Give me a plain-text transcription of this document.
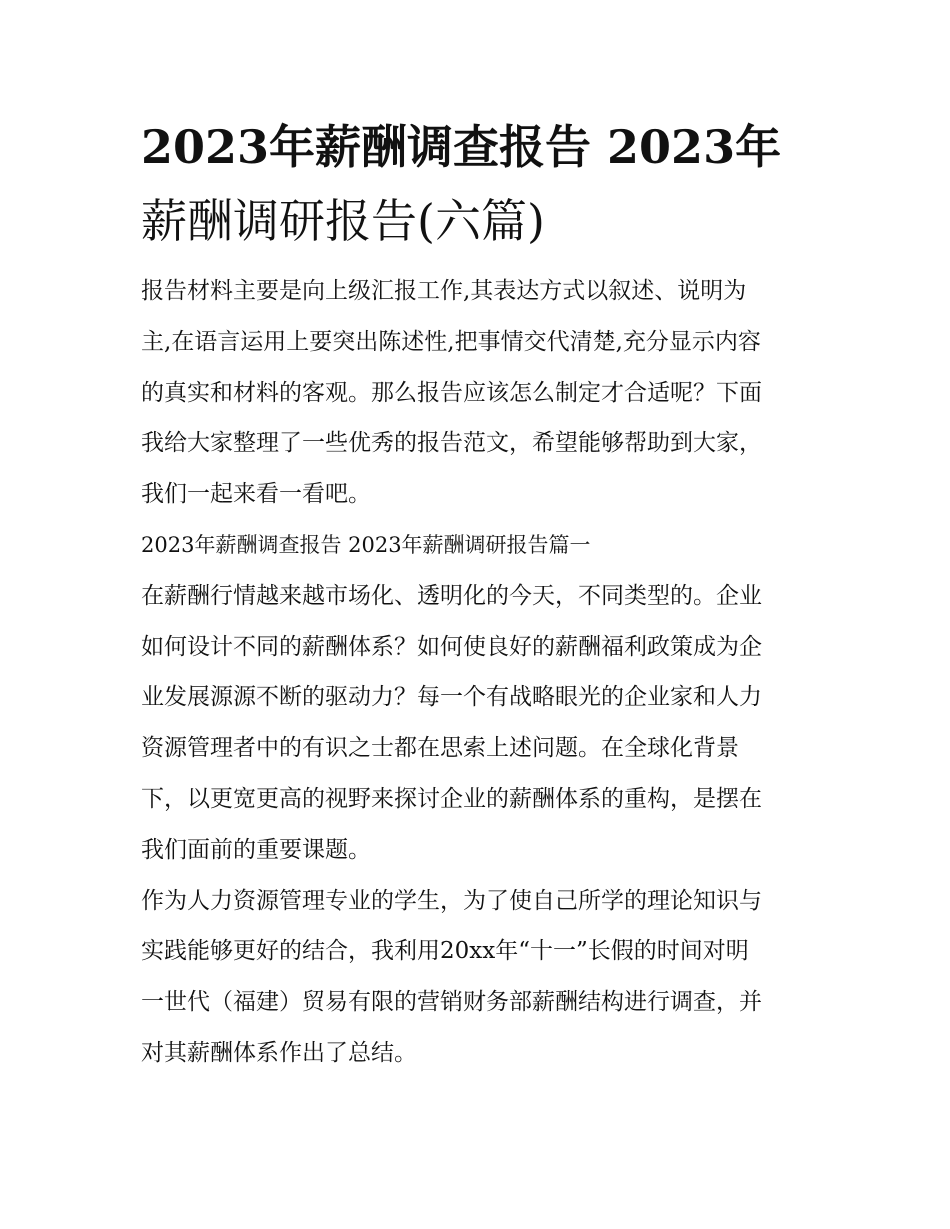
2023年薪酬调查报告 2023年
薪酬调研报告(六篇)

报告材料主要是向上级汇报工作,其表达方式以叙述、说明为
主,在语言运用上要突出陈述性,把事情交代清楚,充分显示内容
的真实和材料的客观。那么报告应该怎么制定才合适呢？下面
我给大家整理了一些优秀的报告范文，希望能够帮助到大家，
我们一起来看一看吧。

2023年薪酬调查报告 2023年薪酬调研报告篇一

在薪酬行情越来越市场化、透明化的今天，不同类型的。企业
如何设计不同的薪酬体系？如何使良好的薪酬福利政策成为企
业发展源源不断的驱动力？每一个有战略眼光的企业家和人力
资源管理者中的有识之士都在思索上述问题。在全球化背景
下，以更宽更高的视野来探讨企业的薪酬体系的重构，是摆在
我们面前的重要课题。

作为人力资源管理专业的学生，为了使自己所学的理论知识与
实践能够更好的结合，我利用20xx年“十一”长假的时间对明
一世代（福建）贸易有限的营销财务部薪酬结构进行调查，并
对其薪酬体系作出了总结。
